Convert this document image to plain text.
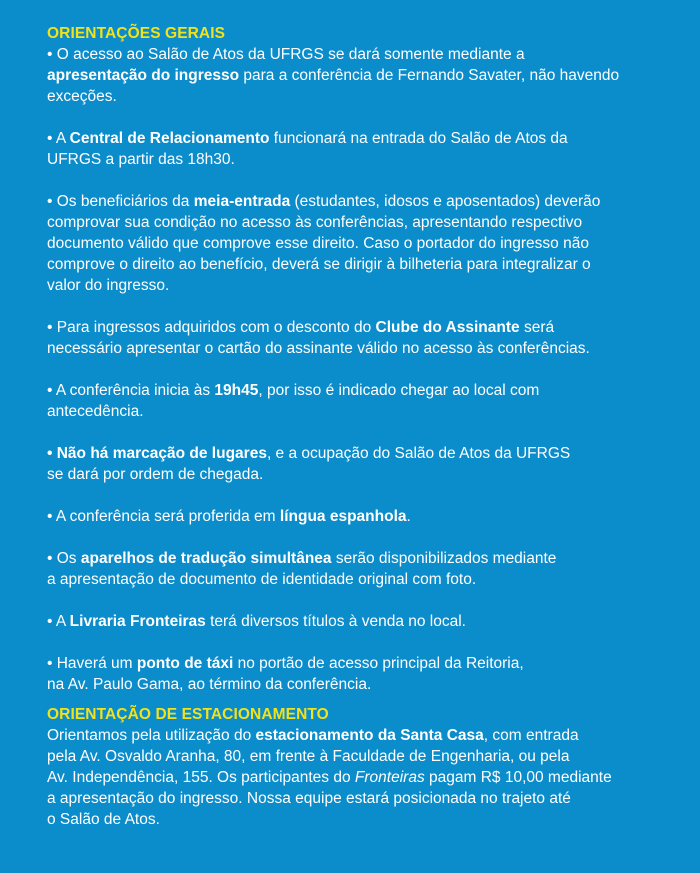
ORIENTAÇÕES GERAIS

• O acesso ao Salão de Atos da UFRGS se dará somente mediante a
apresentação do ingresso para a conferência de Fernando Savater, não havendo
exceções.

• A Central de Relacionamento funcionará na entrada do Salão de Atos da
UFRGS a partir das 18h30.

• Os beneficiários da meia-entrada (estudantes, idosos e aposentados) deverão
comprovar sua condição no acesso às conferências, apresentando respectivo
documento válido que comprove esse direito. Caso o portador do ingresso não
comprove o direito ao benefício, deverá se dirigir à bilheteria para integralizar o
valor do ingresso.

• Para ingressos adquiridos com o desconto do Clube do Assinante será
necessário apresentar o cartão do assinante válido no acesso às conferências.

• A conferência inicia às 19h45, por isso é indicado chegar ao local com
antecedência.

• Não há marcação de lugares, e a ocupação do Salão de Atos da UFRGS
se dará por ordem de chegada.

• A conferência será proferida em língua espanhola.

• Os aparelhos de tradução simultânea serão disponibilizados mediante
a apresentação de documento de identidade original com foto.

• A Livraria Fronteiras terá diversos títulos à venda no local.

• Haverá um ponto de táxi no portão de acesso principal da Reitoria,
na Av. Paulo Gama, ao término da conferência.

ORIENTAÇÃO DE ESTACIONAMENTO

Orientamos pela utilização do estacionamento da Santa Casa, com entrada
pela Av. Osvaldo Aranha, 80, em frente à Faculdade de Engenharia, ou pela
Av. Independência, 155. Os participantes do Fronteiras pagam R$ 10,00 mediante
a apresentação do ingresso. Nossa equipe estará posicionada no trajeto até
o Salão de Atos.
